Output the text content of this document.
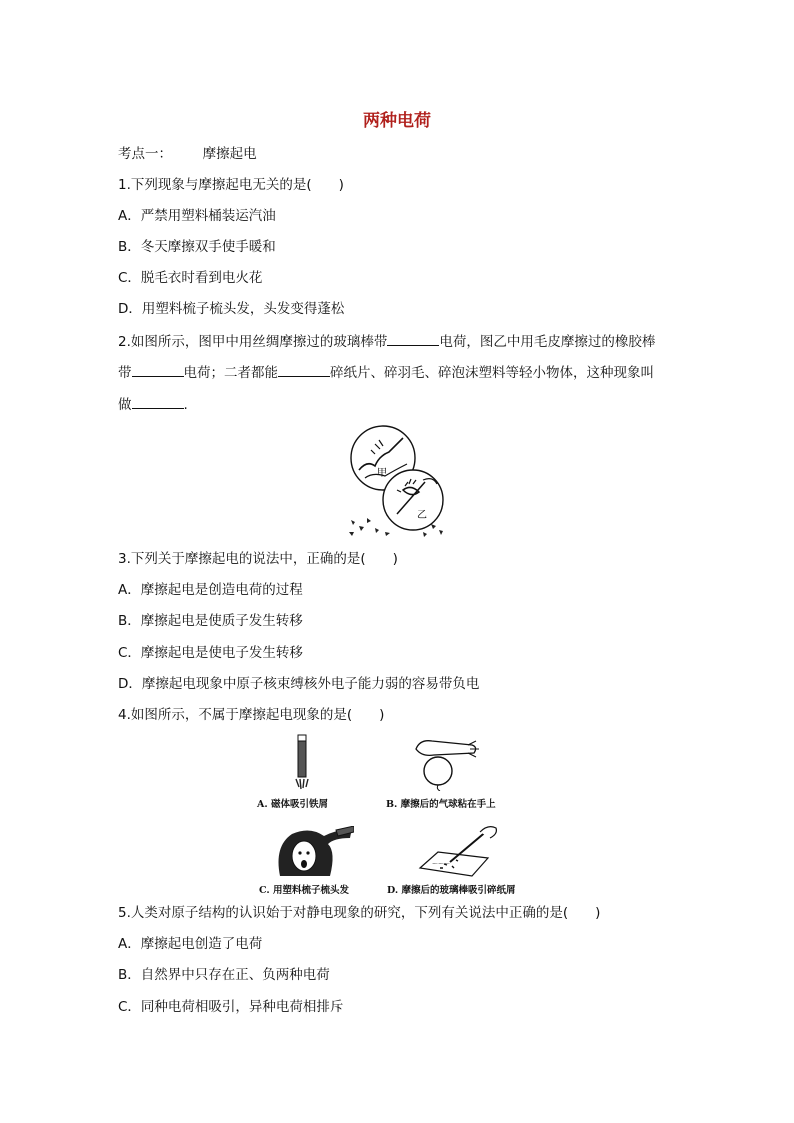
两种电荷
考点一： 摩擦起电
1.下列现象与摩擦起电无关的是(　　)
A．严禁用塑料桶装运汽油
B．冬天摩擦双手使手暖和
C．脱毛衣时看到电火花
D．用塑料梳子梳头发，头发变得蓬松
2.如图所示，图甲中用丝绸摩擦过的玻璃棒带	电荷，图乙中用毛皮摩擦过的橡胶棒
带	电荷；二者都能	碎纸片、碎羽毛、碎泡沫塑料等轻小物体，这种现象叫
做	.
甲
乙
3.下列关于摩擦起电的说法中，正确的是(　　)
A．摩擦起电是创造电荷的过程
B．摩擦起电是使质子发生转移
C．摩擦起电是使电子发生转移
D．摩擦起电现象中原子核束缚核外电子能力弱的容易带负电
4.如图所示，不属于摩擦起电现象的是(　　)
A. 磁体吸引铁屑	B. 摩擦后的气球粘在手上
C. 用塑料梳子梳头发
〜〜〜
D. 摩擦后的玻璃棒吸引碎纸屑
5.人类对原子结构的认识始于对静电现象的研究，下列有关说法中正确的是(　　)
A．摩擦起电创造了电荷
B．自然界中只存在正、负两种电荷
C．同种电荷相吸引，异种电荷相排斥
